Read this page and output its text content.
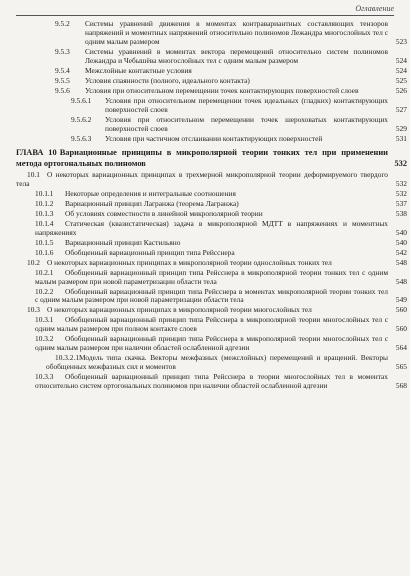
Оглавление
9.5.2 Системы уравнений движения в моментах контравариантных составляющих тензоров напряжений и моментных напряжений относительно полиномов Лежандра многослойных тел с одним малым размером	523
9.5.3 Системы уравнений в моментах вектора перемещений относительно систем полиномов Лежандра и Чебышёва многослойных тел с одним малым размером	524
9.5.4 Межслойные контактные условия	524
9.5.5 Условия спаянности (полного, идеального контакта)	525
9.5.6 Условия при относительном перемещении точек контактирующих поверхностей слоев	526
9.5.6.1 Условия при относительном перемещении точек идеальных (гладких) контактирующих поверхностей слоев	527
9.5.6.2 Условия при относительном перемещении точек шероховатых контактирующих поверхностей слоев	529
9.5.6.3 Условия при частичном отслаивании контактирующих поверхностей	531
ГЛАВА 10 Вариационные принципы в микрополярной теории тонких тел при применении метода ортогональных полиномов	532
10.1 О некоторых вариационных принципах в трехмерной микрополярной теории деформируемого твердого тела	532
10.1.1	Некоторые определения и интегральные соотношения	532
10.1.2	Вариационный принцип Лагранжа (теорема Лагранжа)	537
10.1.3	Об условиях совместности в линейной микрополярной теории	538
10.1.4	Статическая (квазистатическая) задача в микрополярной МДТТ в напряжениях и моментных напряжениях	540
10.1.5	Вариационный принцип Кастильяно	540
10.1.6	Обобщенный вариационный принцип типа Рейсснера	542
10.2 О некоторых вариационных принципах в микрополярной теории однослойных тонких тел	548
10.2.1	Обобщенный вариационный принцип типа Рейсснера в микрополярной теории тонких тел с одним малым размером при новой параметризации области тела	548
10.2.2	Обобщенный вариационный принцип типа Рейсснера в моментах микрополярной теории тонких тел с одним малым размером при новой параметризации области тела	549
10.3 О некоторых вариационных принципах в микрополярной теории многослойных тел	560
10.3.1	Обобщенный вариационный принцип типа Рейсснера в микрополярной теории многослойных тел с одним малым размером при полном контакте слоев	560
10.3.2	Обобщенный вариационный принцип типа Рейсснера в микрополярной теории многослойных тел с одним малым размером при наличии областей ослабленной адгезии	564
10.3.2.1 Модель типа скачка. Векторы межфазных (межслойных) перемещений и вращений. Векторы обобщенных межфазных сил и моментов	565
10.3.3	Обобщенный вариационный принцип типа Рейсснера в теории многослойных тел в моментах относительно систем ортогональных полиномов при наличии областей ослабленной адгезии	568
